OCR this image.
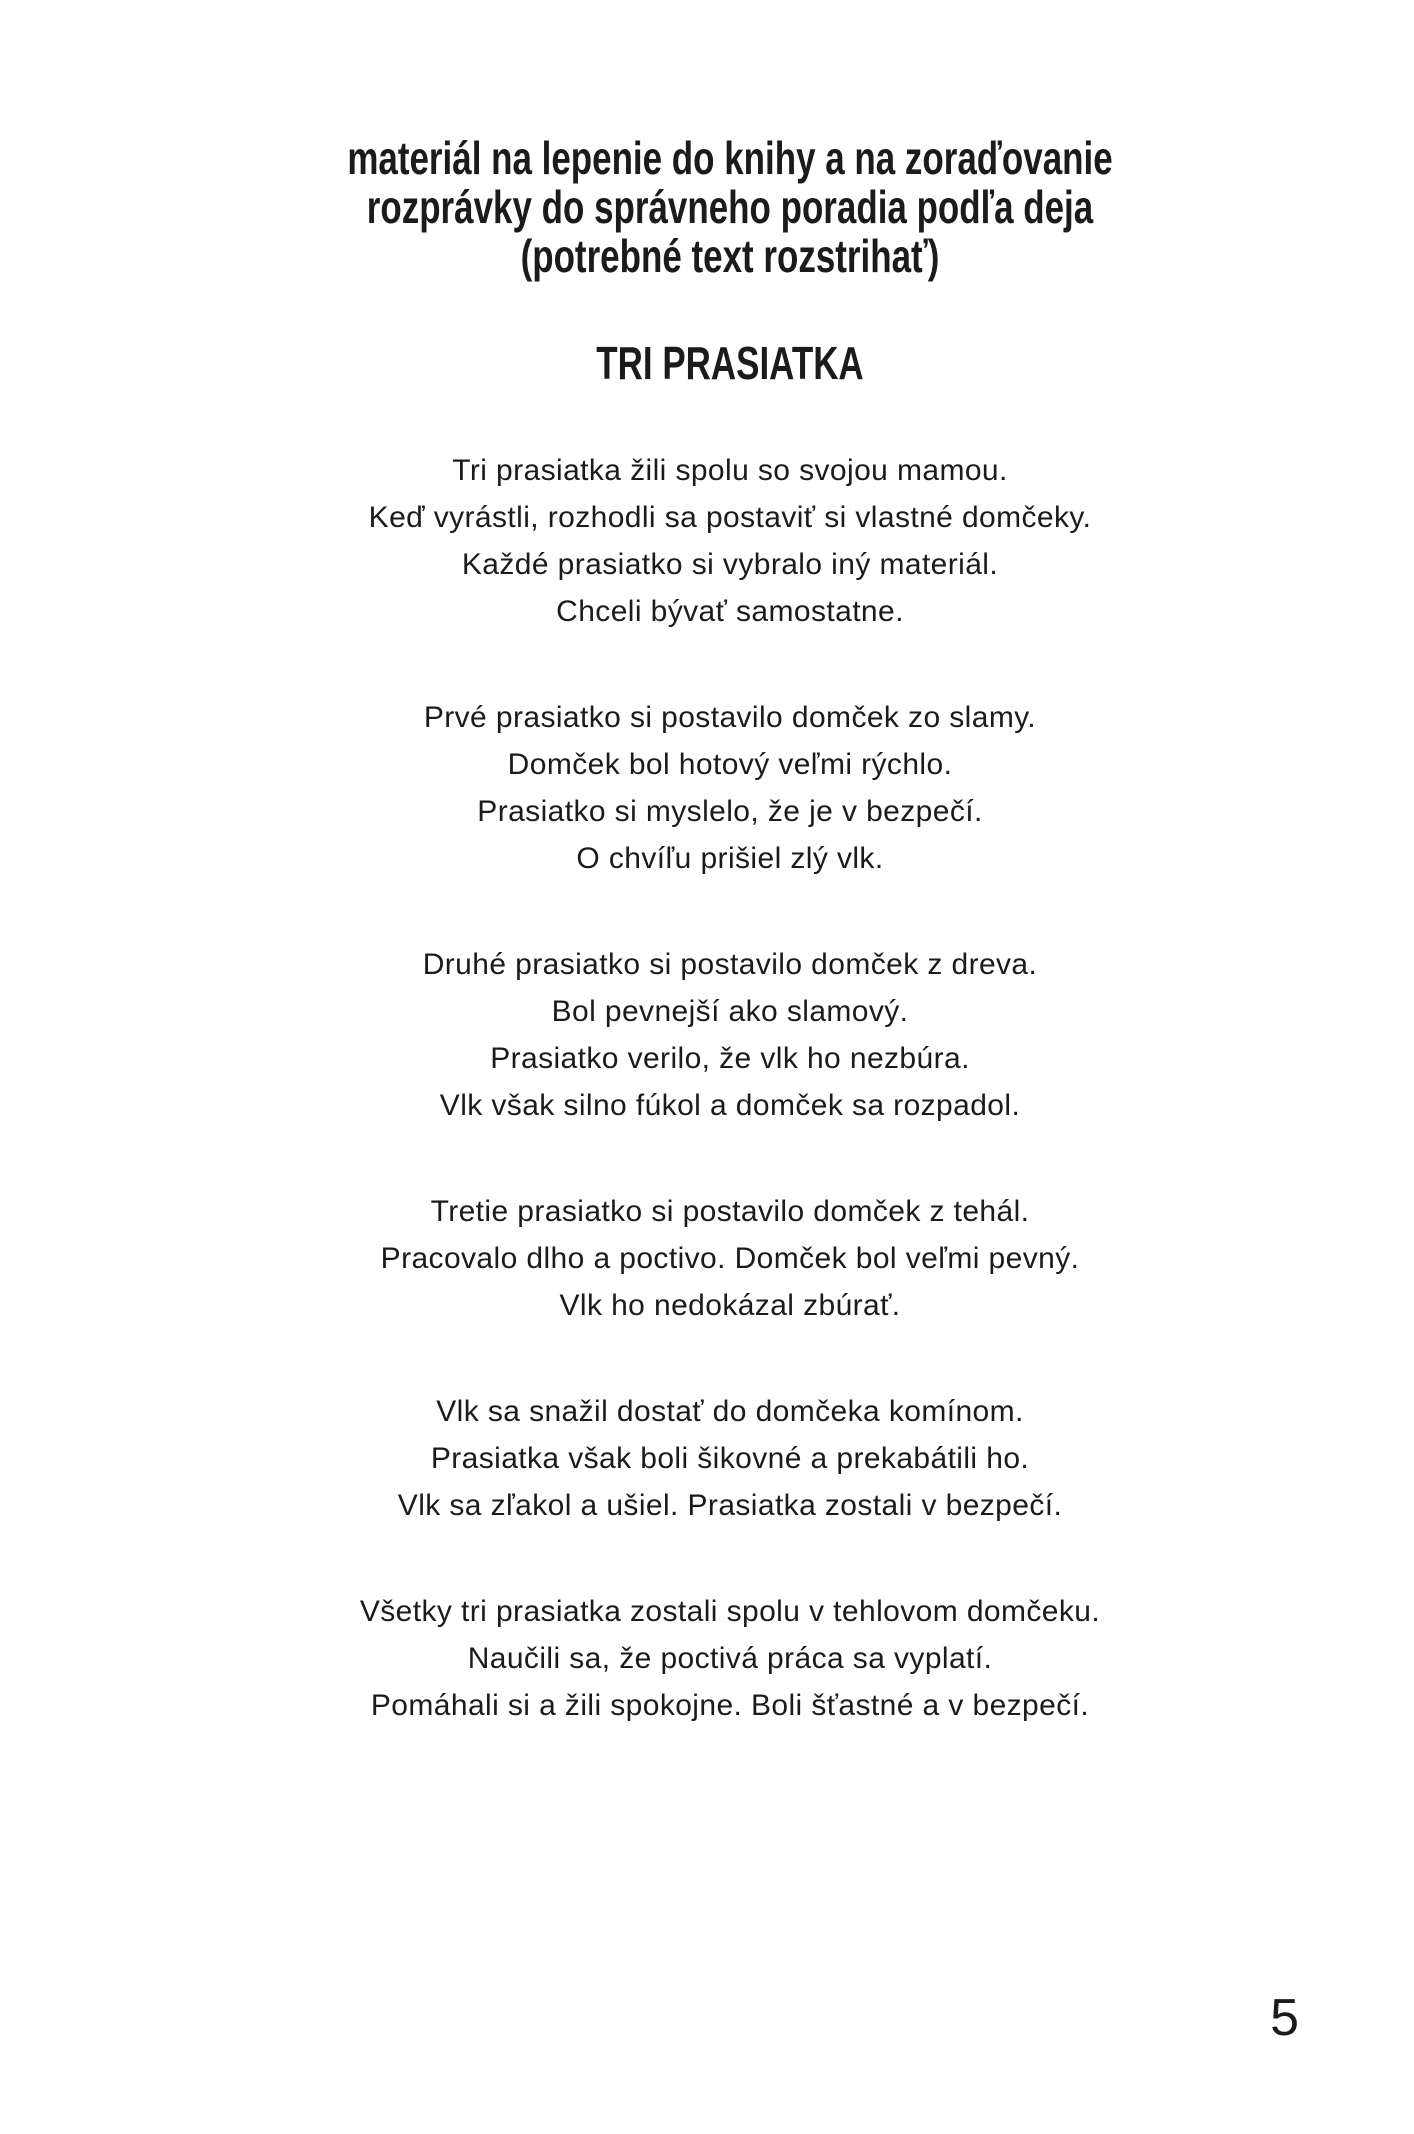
materiál na lepenie do knihy a na zoraďovanie
rozprávky do správneho poradia podľa deja
(potrebné text rozstrihať)
TRI PRASIATKA

Tri prasiatka žili spolu so svojou mamou.
Keď vyrástli, rozhodli sa postaviť si vlastné domčeky.
Každé prasiatko si vybralo iný materiál.
Chceli bývať samostatne.

Prvé prasiatko si postavilo domček zo slamy.
Domček bol hotový veľmi rýchlo.
Prasiatko si myslelo, že je v bezpečí.
O chvíľu prišiel zlý vlk.

Druhé prasiatko si postavilo domček z dreva.
Bol pevnejší ako slamový.
Prasiatko verilo, že vlk ho nezbúra.
Vlk však silno fúkol a domček sa rozpadol.

Tretie prasiatko si postavilo domček z tehál.
Pracovalo dlho a poctivo. Domček bol veľmi pevný.
Vlk ho nedokázal zbúrať.

Vlk sa snažil dostať do domčeka komínom.
Prasiatka však boli šikovné a prekabátili ho.
Vlk sa zľakol a ušiel. Prasiatka zostali v bezpečí.

Všetky tri prasiatka zostali spolu v tehlovom domčeku.
Naučili sa, že poctivá práca sa vyplatí.
Pomáhali si a žili spokojne. Boli šťastné a v bezpečí.

5
